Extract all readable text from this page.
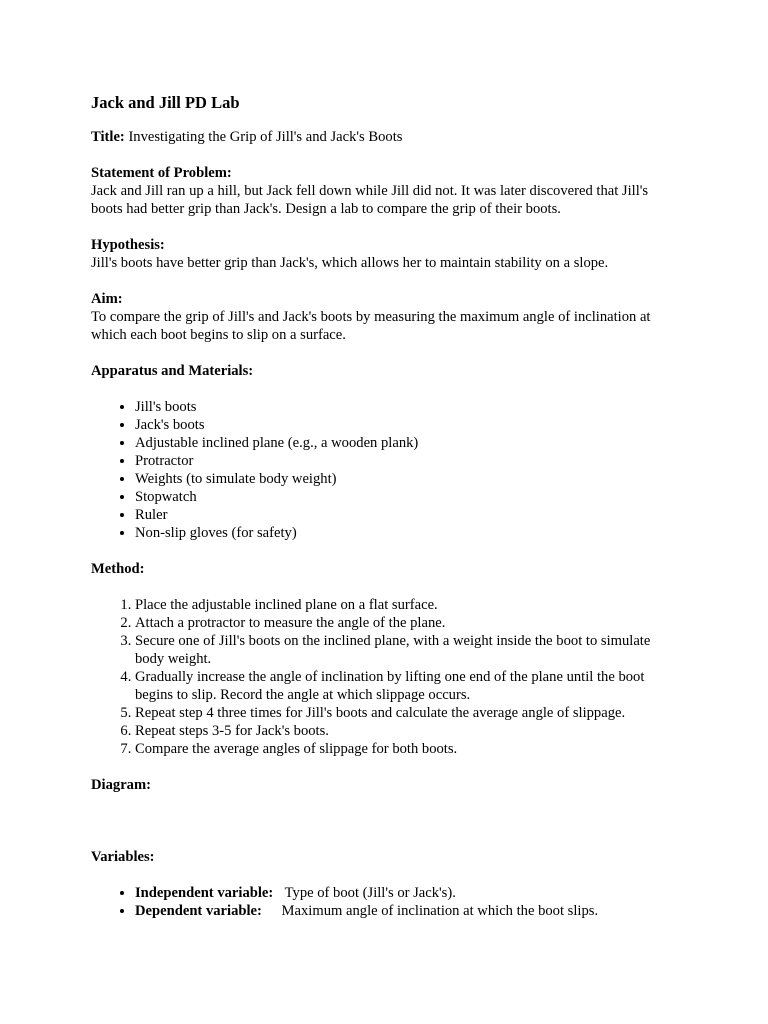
Jack and Jill PD Lab

Title: Investigating the Grip of Jill's and Jack's Boots

Statement of Problem:
Jack and Jill ran up a hill, but Jack fell down while Jill did not. It was later discovered that Jill's boots had better grip than Jack's. Design a lab to compare the grip of their boots.

Hypothesis:
Jill's boots have better grip than Jack's, which allows her to maintain stability on a slope.

Aim:
To compare the grip of Jill's and Jack's boots by measuring the maximum angle of inclination at which each boot begins to slip on a surface.

Apparatus and Materials:
• Jill's boots
• Jack's boots
• Adjustable inclined plane (e.g., a wooden plank)
• Protractor
• Weights (to simulate body weight)
• Stopwatch
• Ruler
• Non-slip gloves (for safety)
Method:
1. Place the adjustable inclined plane on a flat surface.
2. Attach a protractor to measure the angle of the plane.
3. Secure one of Jill's boots on the inclined plane, with a weight inside the boot to simulate body weight.
4. Gradually increase the angle of inclination by lifting one end of the plane until the boot begins to slip. Record the angle at which slippage occurs.
5. Repeat step 4 three times for Jill's boots and calculate the average angle of slippage.
6. Repeat steps 3-5 for Jack's boots.
7. Compare the average angles of slippage for both boots.
Diagram:
Variables:
• Independent variable: Type of boot (Jill's or Jack's).
• Dependent variable: Maximum angle of inclination at which the boot slips.
